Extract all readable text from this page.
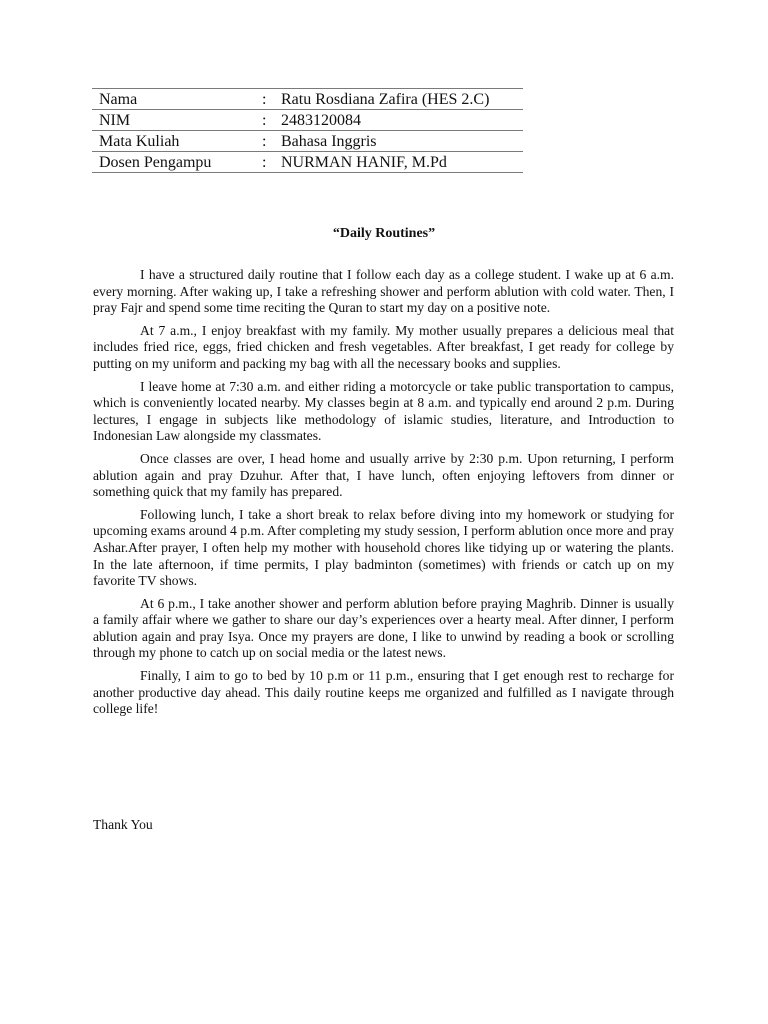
Nama	:	Ratu Rosdiana Zafira (HES 2.C)
NIM	:	2483120084
Mata Kuliah	:	Bahasa Inggris
Dosen Pengampu	:	NURMAN HANIF, M.Pd
“Daily Routines”

I have a structured daily routine that I follow each day as a college student. I wake up at 6 a.m. every morning. After waking up, I take a refreshing shower and perform ablution with cold water. Then, I pray Fajr and spend some time reciting the Quran to start my day on a positive note.

At 7 a.m., I enjoy breakfast with my family. My mother usually prepares a delicious meal that includes fried rice, eggs, fried chicken and fresh vegetables. After breakfast, I get ready for college by putting on my uniform and packing my bag with all the necessary books and supplies.

I leave home at 7:30 a.m. and either riding a motorcycle or take public transportation to campus, which is conveniently located nearby. My classes begin at 8 a.m. and typically end around 2 p.m. During lectures, I engage in subjects like methodology of islamic studies, literature, and Introduction to Indonesian Law alongside my classmates.

Once classes are over, I head home and usually arrive by 2:30 p.m. Upon returning, I perform ablution again and pray Dzuhur. After that, I have lunch, often enjoying leftovers from dinner or something quick that my family has prepared.

Following lunch, I take a short break to relax before diving into my homework or studying for upcoming exams around 4 p.m. After completing my study session, I perform ablution once more and pray Ashar.After prayer, I often help my mother with household chores like tidying up or watering the plants. In the late afternoon, if time permits, I play badminton (sometimes) with friends or catch up on my favorite TV shows.

At 6 p.m., I take another shower and perform ablution before praying Maghrib. Dinner is usually a family affair where we gather to share our day’s experiences over a hearty meal. After dinner, I perform ablution again and pray Isya. Once my prayers are done, I like to unwind by reading a book or scrolling through my phone to catch up on social media or the latest news.

Finally, I aim to go to bed by 10 p.m or 11 p.m., ensuring that I get enough rest to recharge for another productive day ahead. This daily routine keeps me organized and fulfilled as I navigate through college life!

Thank You
